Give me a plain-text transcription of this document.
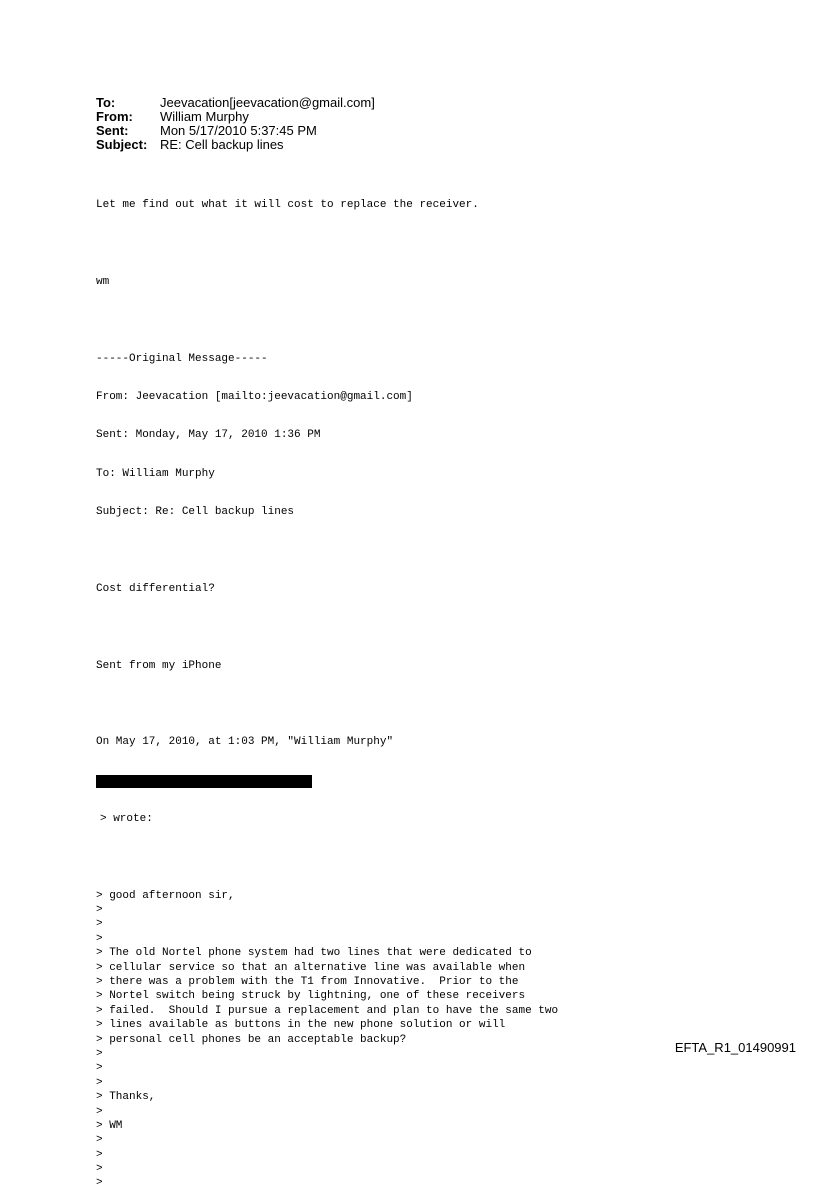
To:	Jeevacation[jeevacation@gmail.com]
From:	William Murphy
Sent:	Mon 5/17/2010 5:37:45 PM
Subject: RE: Cell backup lines

Let me find out what it will cost to replace the receiver.

wm

-----Original Message-----

From: Jeevacation [mailto:jeevacation@gmail.com]

Sent: Monday, May 17, 2010 1:36 PM

To: William Murphy

Subject: Re: Cell backup lines

Cost differential?

Sent from my iPhone

On May 17, 2010, at 1:03 PM, "William Murphy"

> wrote:

> good afternoon sir,
>
>
>
> The old Nortel phone system had two lines that were dedicated to
> cellular service so that an alternative line was available when
> there was a problem with the T1 from Innovative.  Prior to the
> Nortel switch being struck by lightning, one of these receivers
> failed.  Should I pursue a replacement and plan to have the same two
> lines available as buttons in the new phone solution or will
> personal cell phones be an acceptable backup?
>
>
>
> Thanks,
>
> WM
>
>
>
>

EFTA_R1_01490991
